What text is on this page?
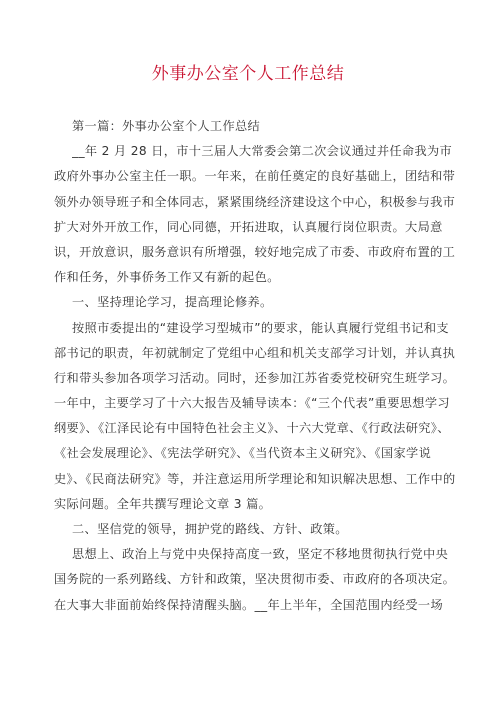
外事办公室个人工作总结
第一篇：外事办公室个人工作总结
__年 2 月 28 日，市十三届人大常委会第二次会议通过并任命我为市
政府外事办公室主任一职。一年来，在前任奠定的良好基础上，团结和带
领外办领导班子和全体同志，紧紧围绕经济建设这个中心，积极参与我市
扩大对外开放工作，同心同德，开拓进取，认真履行岗位职责。大局意
识，开放意识，服务意识有所增强，较好地完成了市委、市政府布置的工
作和任务，外事侨务工作又有新的起色。
一、坚持理论学习，提高理论修养。
按照市委提出的“建设学习型城市”的要求，能认真履行党组书记和支
部书记的职责，年初就制定了党组中心组和机关支部学习计划，并认真执
行和带头参加各项学习活动。同时，还参加江苏省委党校研究生班学习。
一年中，主要学习了十六大报告及辅导读本：《“三个代表”重要思想学习
纲要》、《江泽民论有中国特色社会主义》、十六大党章、《行政法研究》、
《社会发展理论》、《宪法学研究》、《当代资本主义研究》、《国家学说
史》、《民商法研究》等，并注意运用所学理论和知识解决思想、工作中的
实际问题。全年共撰写理论文章 3 篇。
二、坚信党的领导，拥护党的路线、方针、政策。
思想上、政治上与党中央保持高度一致，坚定不移地贯彻执行党中央
国务院的一系列路线、方针和政策，坚决贯彻市委、市政府的各项决定。
在大事大非面前始终保持清醒头脑。__年上半年，全国范围内经受一场
